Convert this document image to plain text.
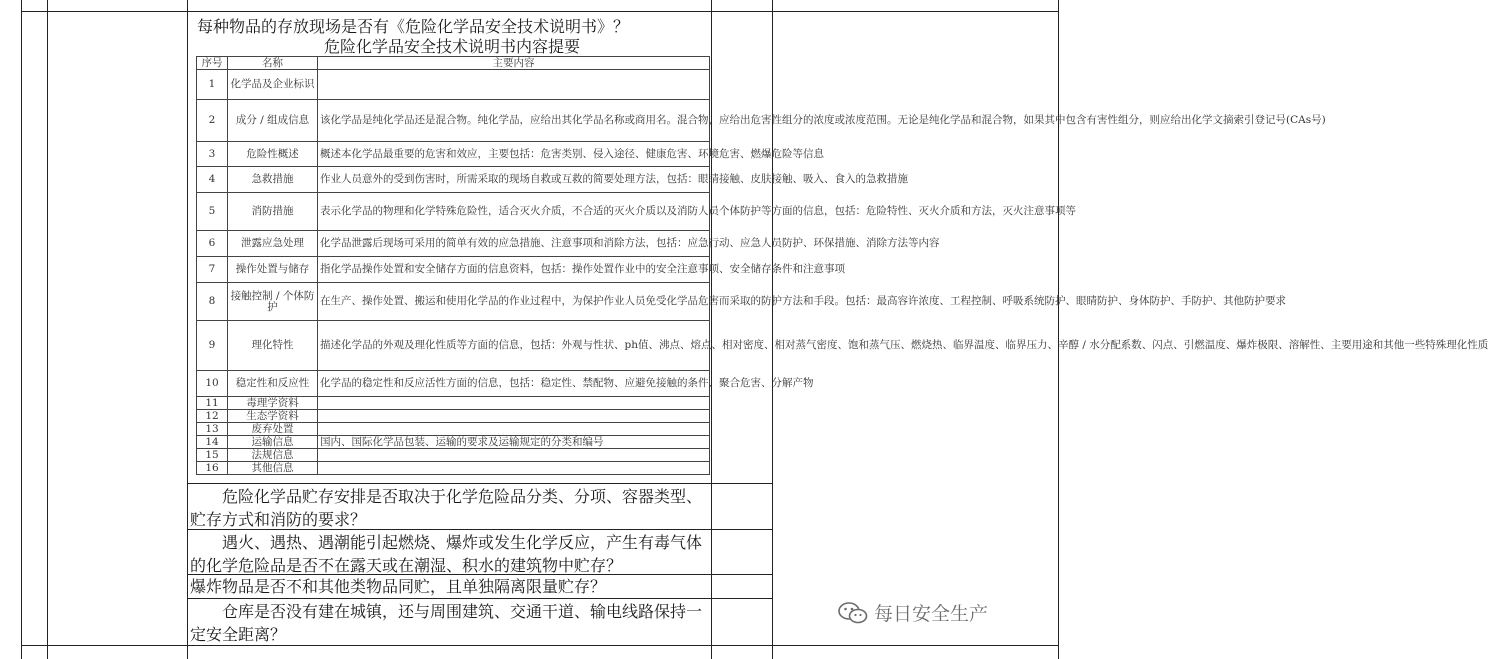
每种物品的存放现场是否有《危险化学品安全技术说明书》？
危险化学品安全技术说明书内容提要
序号	名称	主要内容
1	化学品及企业标识	
2	成分 / 组成信息	该化学品是纯化学品还是混合物。纯化学品，应给出其化学品名称或商用名。混合物，应给出危害性组分的浓度或浓度范围。无论是纯化学品和混合物，如果其中包含有害性组分，则应给出化学文摘索引登记号(CAs号)
3	危险性概述	概述本化学品最重要的危害和效应，主要包括：危害类别、侵入途径、健康危害、环境危害、燃爆危险等信息
4	急救措施	作业人员意外的受到伤害时，所需采取的现场自救或互救的简要处理方法，包括：眼睛接触、皮肤接触、吸入、食入的急救措施
5	消防措施	表示化学品的物理和化学特殊危险性，适合灭火介质，不合适的灭火介质以及消防人员个体防护等方面的信息，包括：危险特性、灭火介质和方法，灭火注意事项等
6	泄露应急处理	化学品泄露后现场可采用的简单有效的应急措施、注意事项和消除方法，包括：应急行动、应急人员防护、环保措施、消除方法等内容
7	操作处置与储存	指化学品操作处置和安全储存方面的信息资料，包括：操作处置作业中的安全注意事项、安全储存条件和注意事项
8	接触控制 / 个体防护	在生产、操作处置、搬运和使用化学品的作业过程中，为保护作业人员免受化学品危害而采取的防护方法和手段。包括：最高容许浓度、工程控制、呼吸系统防护、眼睛防护、身体防护、手防护、其他防护要求
9	理化特性	描述化学品的外观及理化性质等方面的信息，包括：外观与性状、ph值、沸点、熔点、相对密度、相对蒸气密度、饱和蒸气压、燃烧热、临界温度、临界压力、辛醇 / 水分配系数、闪点、引燃温度、爆炸极限、溶解性、主要用途和其他一些特殊理化性质
10	稳定性和反应性	化学品的稳定性和反应活性方面的信息，包括：稳定性、禁配物、应避免接触的条件、聚合危害、分解产物
11	毒理学资料	
12	生态学资料	
13	废弃处置	
14	运输信息	国内、国际化学品包装、运输的要求及运输规定的分类和编号
15	法规信息	
16	其他信息	
危险化学品贮存安排是否取决于化学危险品分类、分项、容器类型、贮存方式和消防的要求？
遇火、遇热、遇潮能引起燃烧、爆炸或发生化学反应，产生有毒气体的化学危险品是否不在露天或在潮湿、积水的建筑物中贮存？
爆炸物品是否不和其他类物品同贮，且单独隔离限量贮存？
仓库是否没有建在城镇，还与周围建筑、交通干道、输电线路保持一定安全距离？
每日安全生产
